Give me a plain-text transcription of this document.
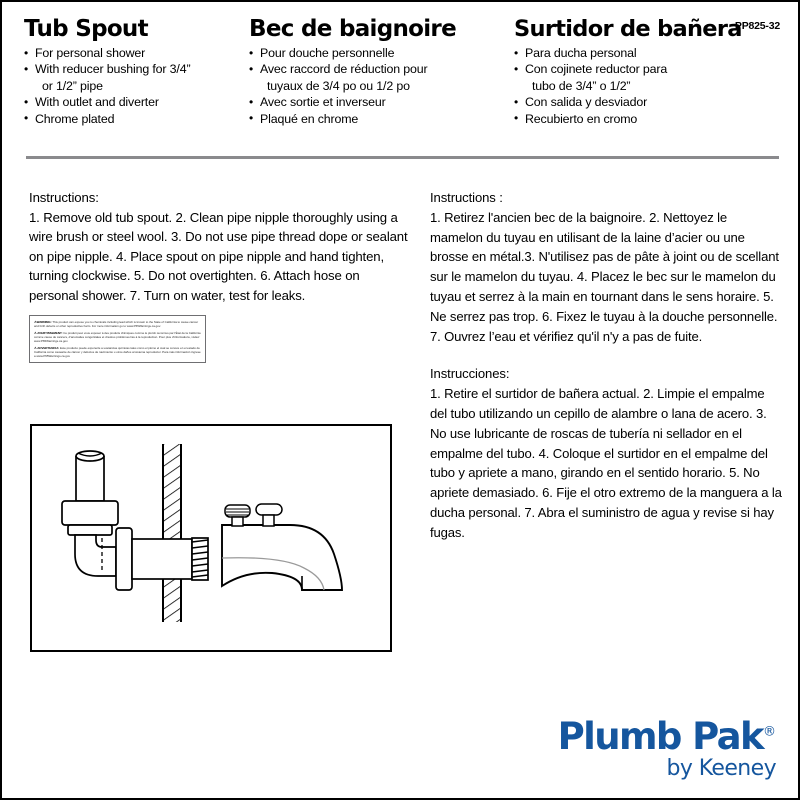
Tub Spout
• For personal shower
• With reducer bushing for 3/4”
or 1/2” pipe
• With outlet and diverter
• Chrome plated
Bec de baignoire
• Pour douche personnelle
• Avec raccord de réduction pour
tuyaux de 3/4 po ou 1/2 po
• Avec sortie et inverseur
• Plaqué en chrome
PP825-32
Surtidor de bañera
• Para ducha personal
• Con cojinete reductor para
tubo de 3/4” o 1/2”
• Con salida y desviador
• Recubierto en cromo
Instructions:
1. Remove old tub spout. 2. Clean pipe nipple thoroughly using a wire brush or steel wool. 3. Do not use pipe thread dope or sealant on pipe nipple. 4. Place spout on pipe nipple and hand tighten, turning clockwise. 5. Do not overtighten. 6. Attach hose on personal shower. 7. Turn on water, test for leaks.
⚠WARNING: This product can expose you to chemicals including lead which is known to the State of California to cause cancer and birth defects or other reproductive harm. For more information go to www.P65Warnings.ca.gov.
⚠ AVERTISSEMENT: Ce produit peut vous exposer à des produits chimiques comme le plomb reconnus par l’État de la Californie comme cause de cancers, d’anomalies congénitales et d’autres problèmes liés à la reproduction. Pour plus d’informations, visitez www.P65Warnings.ca.gov.
⚠ ADVERTENCIA: Este producto puede exponerle a sustancias químicas tales como el plomo el cual se conoce en el estado de California como causante de cáncer y defectos de nacimiento u otros daños al sistema reproductor. Para más información ingrese a www.P65Warnings.ca.gov
Instructions :
1. Retirez l'ancien bec de la baignoire. 2. Nettoyez le mamelon du tuyau en utilisant de la laine d’acier ou une brosse en métal.3. N'utilisez pas de pâte à joint ou de scellant sur le mamelon du tuyau. 4. Placez le bec sur le mamelon du tuyau et serrez à la main en tournant dans le sens horaire. 5. Ne serrez pas trop. 6. Fixez le tuyau à la douche personnelle. 7. Ouvrez l’eau et vérifiez qu'il n'y a pas de fuite.
Instrucciones:
1. Retire el surtidor de bañera actual. 2. Limpie el empalme del tubo utilizando un cepillo de alambre o lana de acero. 3. No use lubricante de roscas de tubería ni sellador en el empalme del tubo. 4. Coloque el surtidor en el empalme del tubo y apriete a mano, girando en el sentido horario. 5. No apriete demasiado. 6. Fije el otro extremo de la manguera a la ducha personal. 7. Abra el suministro de agua y revise si hay fugas.
Plumb Pak®
by Keeney
